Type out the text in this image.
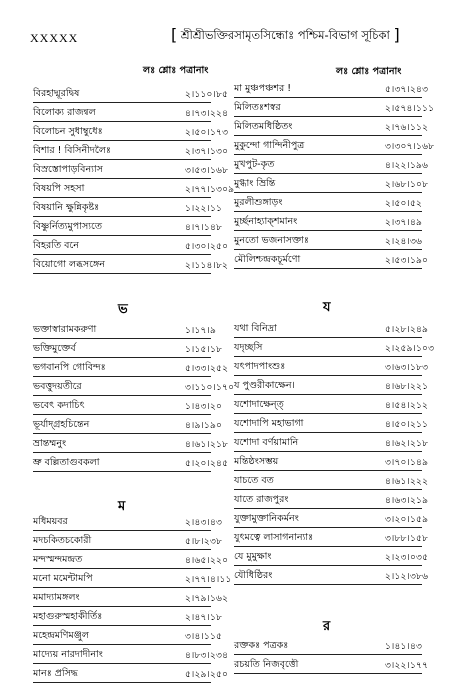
XXXXX	[ শ্রীশ্রীভক্তিরসামৃতসিন্ধোঃ পশ্চিম-বিভাগ সূচিকা ]
লঃ শ্লোঃ পত্রানাং	লঃ শ্লোঃ পত্রানাং
বিরহাদ্মূরদ্বিষ	২।১১০।৮৫
বিলোক্য রাজন্বল	৪।৭৩।২২৪
বিলোচন সুধাম্বুধেঃ	২।৫০।১৭৩
বিশার ! বিসিনীদলৈঃ	২।৩৭।১৩০
বিস্রস্তোপাড়বিন্যাস	৩।৫৩।১৬৮
বিষয়পি সহসা	২।৭৭।১৩০৯
বিষয়ানি ক্ষুন্নিকৃষ্টঃ	১।২২।১১
বিষ্ণুর্নিত্যমুপাস্যতে	৪।৭।১৪৮
বিহরতি বনে	৫।৩০।২৫০
বিয়োগো লব্ধসঙ্গেন	২।১১৪।৮২
ভ
ভক্তাস্বারামকরুণা	১।১৭।৯
ভক্তিমুক্তের্ব	১।১৫।১৮
ভগবানপি গোবিন্দঃ	৫।৩৩।২৫২
ভবত্তুদয়তীরে	৩।১১০।১৭০
ভবেৎ কদাচিৎ	১।৪৩।২০
ভূর্যাদ্গ্রহচিন্তেন	৪।৯।১৯০
ভ্রান্তম্মনুং	৪।৬১।২১৮
ভ্রু বল্লিতাগুবকলা	৫।২০।২৪৫
ম
মধিময়বর	২।৪৩।৪৩
মদচকিতচকোরী	৫।৮।২৩৮
মন্দস্মন্দমন্দ্রত	৪।৬৫।২২০
মনো মমেন্টামপি	২।৭৭।৪।১১
মমাদ্যামঙ্গলং	২।৭৯।১৬২
মহাগুরুস্মহাকীর্তিঃ	২।৪৭।১৮
মহেন্দ্রমণিমঞ্জুল	৩।৪।১১৫
মাদ্যেয় নারদাদীনাং	৪।৮৩।২৩৪
মানঃ প্রসিদ্ধ	৫।২৯।২৫০
মা মুঞ্চপঞ্চশর !	৫।৩৭।২৪৩
মিলিতঃশস্বর	২।৫৭৪।১১১
মিলিতমধিষ্ঠিতং	২।৭৬।১১২
মুকুন্দো গান্দিনীপুত্র	৩।৩০৭।১৬৮
মুখপুট-কৃত	৪।২২।১৯৬
মুগ্ধাং ভ্রিন্তি	২।৬৮।১০৮
মুরলীশুঙ্গাড়ং	২।৫০।৫২
মুর্চ্ছনাহ্যাক্শমানং	২।৩৭।৪৯
মুনতো ভজনাসক্তাঃ	২।২৪।৩৬
মৌলিশ্চন্দ্রকচূর্মণো	২।৫৩।১৯০
য
যথা বিনিদ্রা	৫।২৮।২৪৯
যদৃচ্ছসি	২।২৫৯।১০৩
যৎপাদপাংশুঃ	৩।৬৩।১৮৩
য পুণ্ডরীকাক্ষেন।	৪।৬৮।২২১
যশোদাক্ষেন্ত্	৪।৫৪।২১২
যশোদাপি মহাভাগা	৪।৫০।২১১
যশোদা বর্ণয়ামানি	৪।৬২।২১৮
মন্তিষ্ঠংসম্ভয়	৩।৭০।১৪৯
যাচতে বত	৪।৬১।২২২
যাতে রাজপুরং	৪।৬৩।২১৯
যুক্তামুক্তানিকর্মনং	৩।২০।১৫৯
যুৎমত্বে লাসাগনান্যাঃ	৩।৮৮।১৫৮
যে মুমুক্ষাং	২।২৩।০৩৫
যৌধিষ্ঠিরং	২।১২।৩৮৬
র
রক্তকঃ পত্রকঃ	১।৪১।৪৩
রচয়তি নিজবৃত্তৌ	৩।২২।১৭৭
